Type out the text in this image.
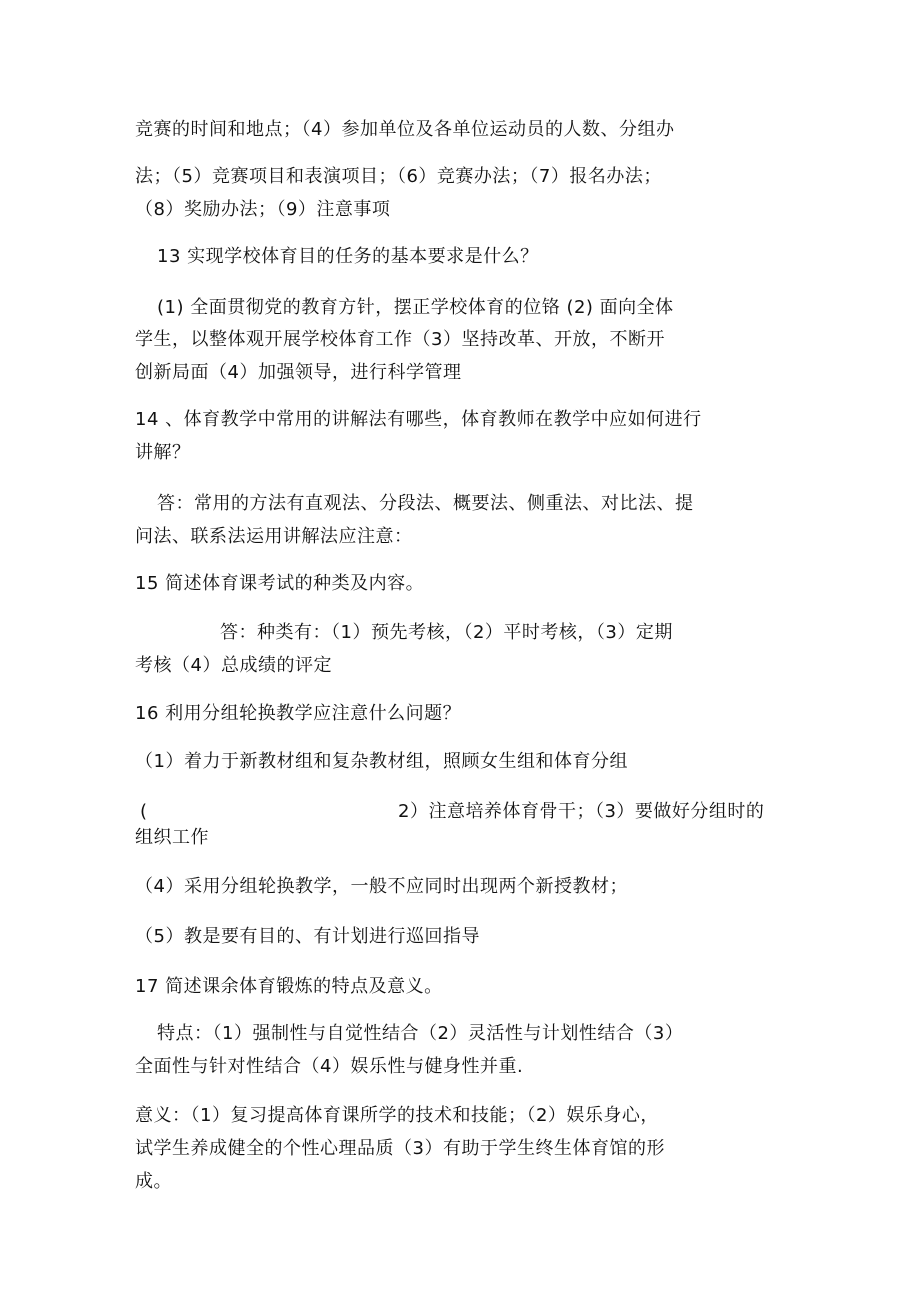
竞赛的时间和地点；（4）参加单位及各单位运动员的人数、分组办

法；（5）竞赛项目和表演项目；（6）竞赛办法；（7）报名办法；

（8）奖励办法；（9）注意事项

13 实现学校体育目的任务的基本要求是什么？

(1) 全面贯彻党的教育方针，摆正学校体育的位铬 (2) 面向全体

学生，以整体观开展学校体育工作（3）坚持改革、开放，不断开

创新局面（4）加强领导，进行科学管理

14 、体育教学中常用的讲解法有哪些，体育教师在教学中应如何进行

讲解？

答：常用的方法有直观法、分段法、概要法、侧重法、对比法、提

问法、联系法运用讲解法应注意：

15 简述体育课考试的种类及内容。

答：种类有：（1）预先考核，（2）平时考核，（3）定期

考核（4）总成绩的评定

16 利用分组轮换教学应注意什么问题？

（1）着力于新教材组和复杂教材组，照顾女生组和体育分组

(	2）注意培养体育骨干；（3）要做好分组时的

组织工作

（4）采用分组轮换教学，一般不应同时出现两个新授教材；

（5）教是要有目的、有计划进行巡回指导

17 简述课余体育锻炼的特点及意义。

特点：（1）强制性与自觉性结合（2）灵活性与计划性结合（3）

全面性与针对性结合（4）娱乐性与健身性并重.

意义：（1）复习提高体育课所学的技术和技能；（2）娱乐身心，

试学生养成健全的个性心理品质（3）有助于学生终生体育馆的形

成。
